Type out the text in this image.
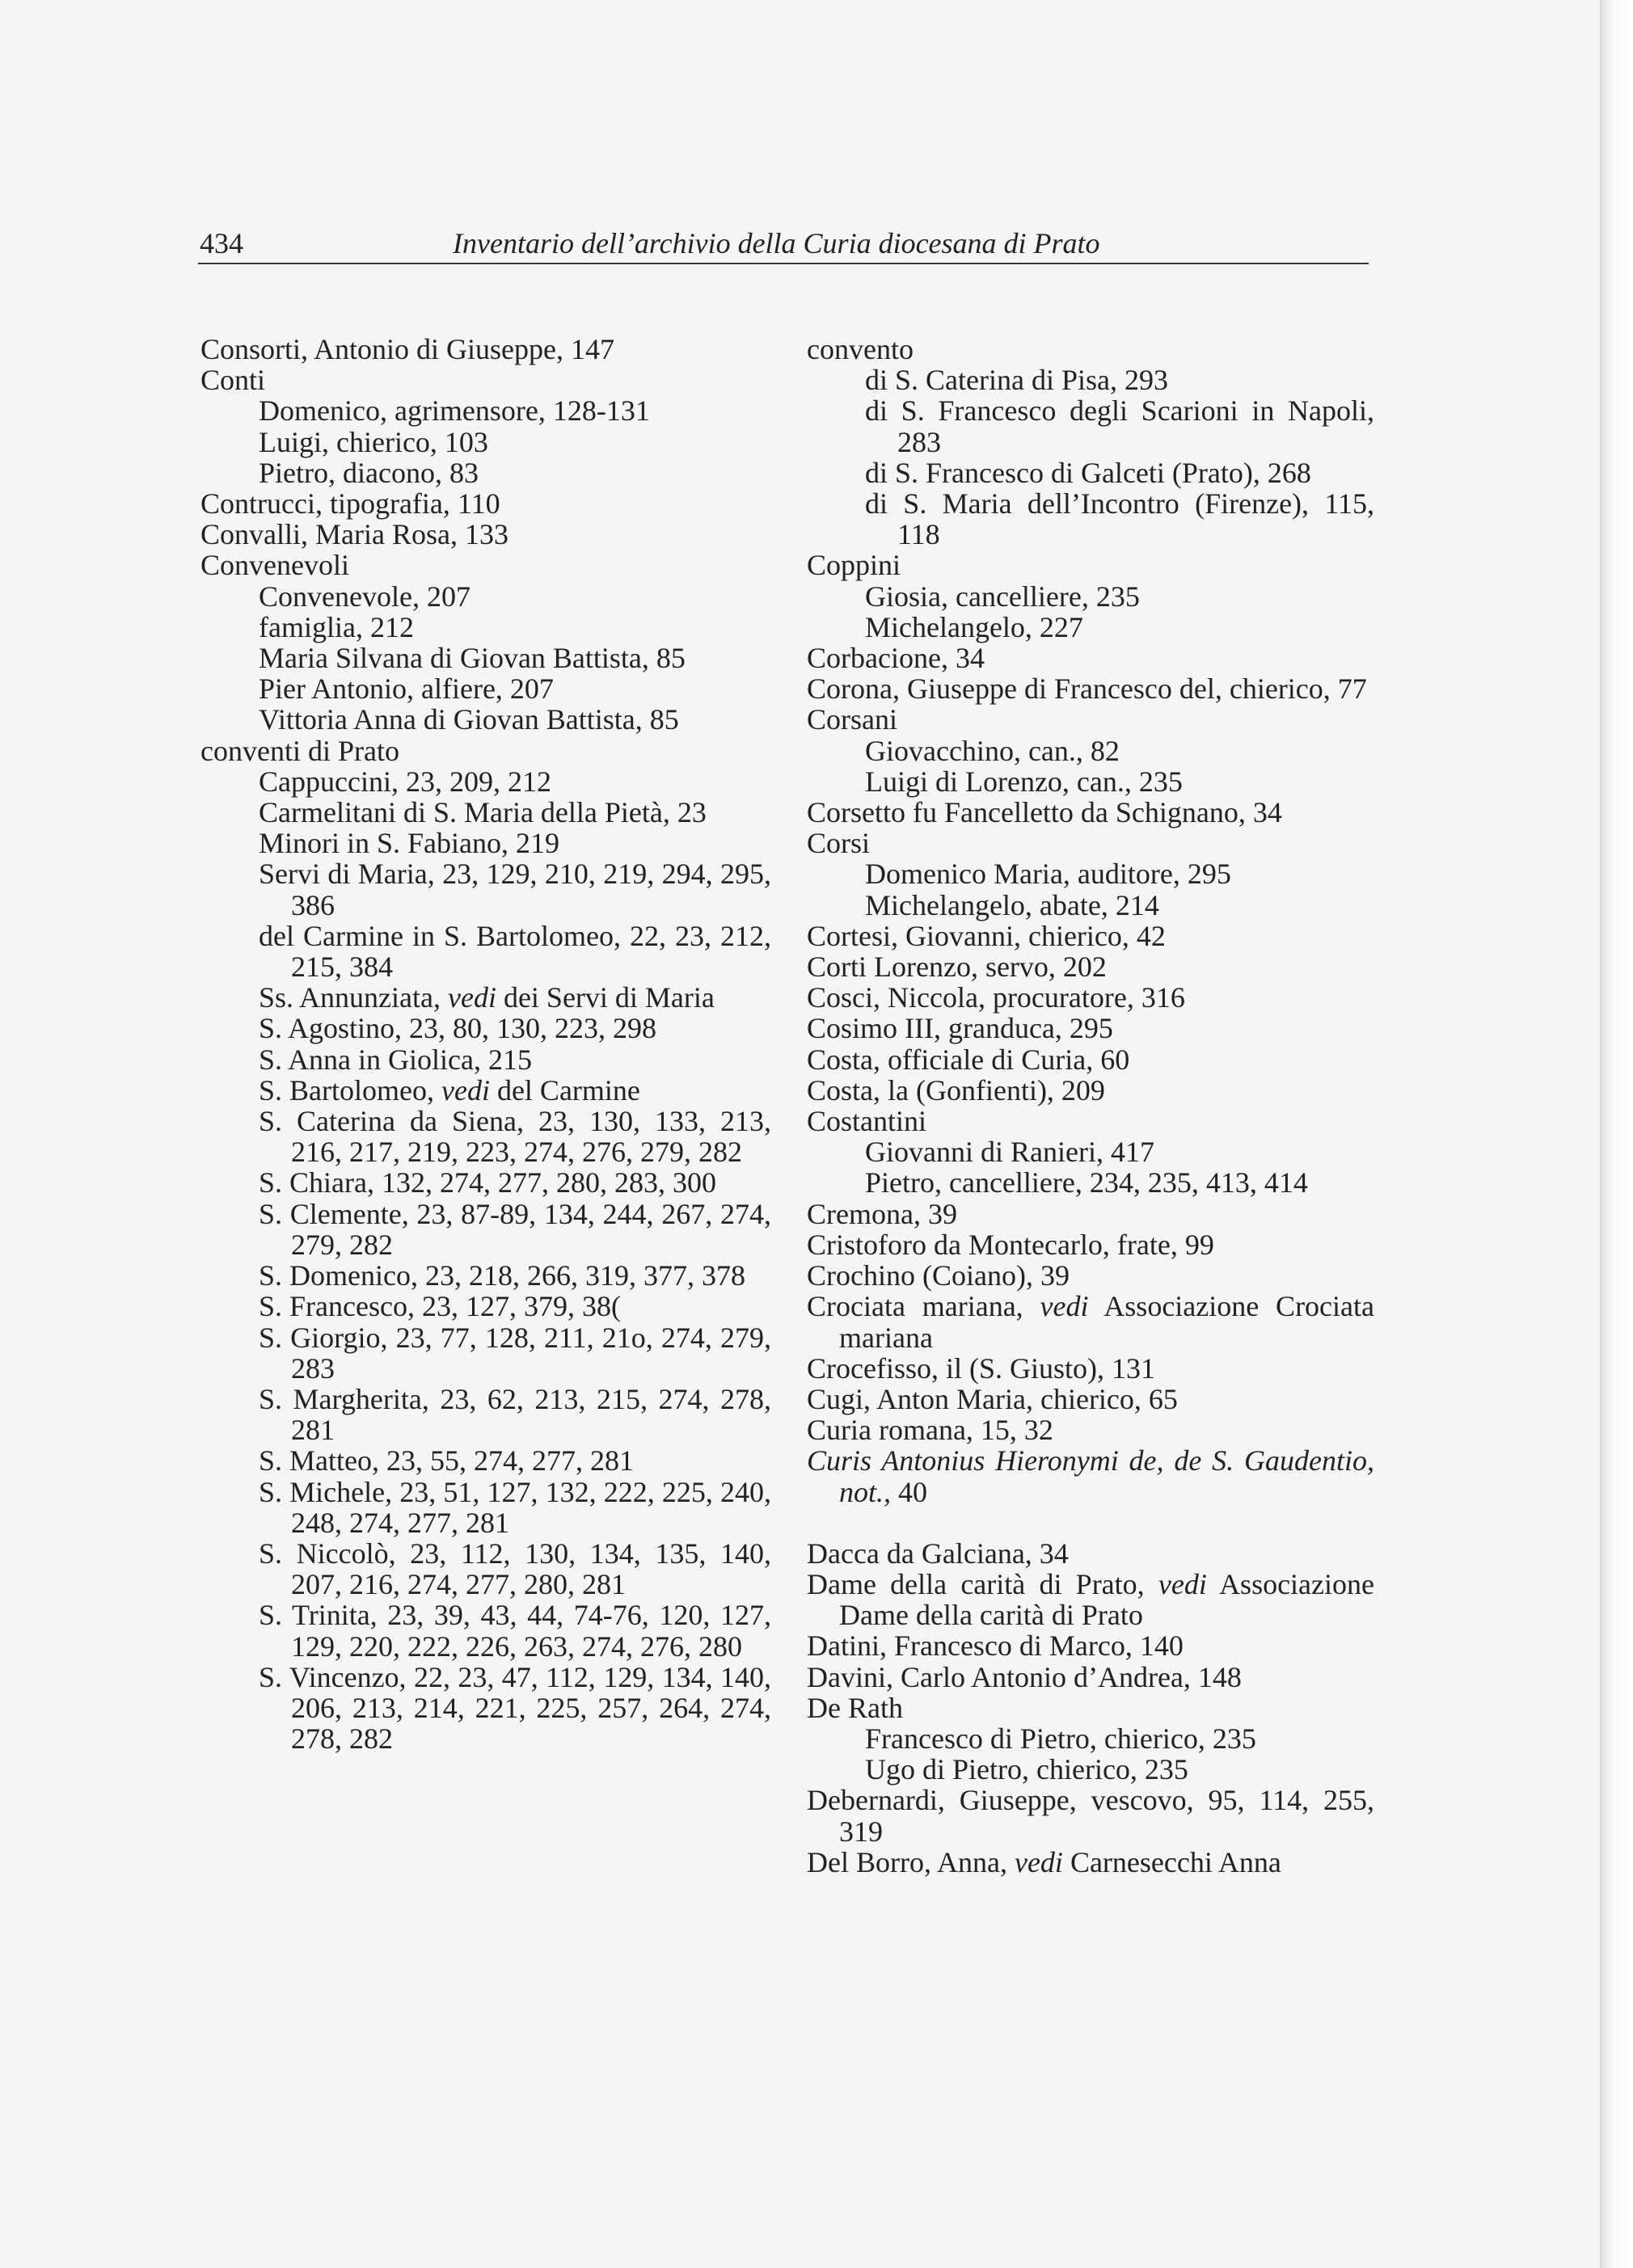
434	Inventario dell’archivio della Curia diocesana di Prato

Consorti, Antonio di Giuseppe, 147

Conti

Domenico, agrimensore, 128-131

Luigi, chierico, 103

Pietro, diacono, 83

Contrucci, tipografia, 110

Convalli, Maria Rosa, 133

Convenevoli

Convenevole, 207

famiglia, 212

Maria Silvana di Giovan Battista, 85

Pier Antonio, alfiere, 207

Vittoria Anna di Giovan Battista, 85

conventi di Prato

Cappuccini, 23, 209, 212

Carmelitani di S. Maria della Pietà, 23

Minori in S. Fabiano, 219

Servi di Maria, 23, 129, 210, 219, 294, 295, 386

del Carmine in S. Bartolomeo, 22, 23, 212, 215, 384

Ss. Annunziata, vedi dei Servi di Maria

S. Agostino, 23, 80, 130, 223, 298

S. Anna in Giolica, 215

S. Bartolomeo, vedi del Carmine

S. Caterina da Siena, 23, 130, 133, 213, 216, 217, 219, 223, 274, 276, 279, 282

S. Chiara, 132, 274, 277, 280, 283, 300

S. Clemente, 23, 87-89, 134, 244, 267, 274, 279, 282

S. Domenico, 23, 218, 266, 319, 377, 378

S. Francesco, 23, 127, 379, 38(

S. Giorgio, 23, 77, 128, 211, 21o, 274, 279, 283

S. Margherita, 23, 62, 213, 215, 274, 278, 281

S. Matteo, 23, 55, 274, 277, 281

S. Michele, 23, 51, 127, 132, 222, 225, 240, 248, 274, 277, 281

S. Niccolò, 23, 112, 130, 134, 135, 140, 207, 216, 274, 277, 280, 281

S. Trinita, 23, 39, 43, 44, 74-76, 120, 127, 129, 220, 222, 226, 263, 274, 276, 280

S. Vincenzo, 22, 23, 47, 112, 129, 134, 140, 206, 213, 214, 221, 225, 257, 264, 274, 278, 282

convento

di S. Caterina di Pisa, 293

di S. Francesco degli Scarioni in Napoli, 283

di S. Francesco di Galceti (Prato), 268

di S. Maria dell’Incontro (Firenze), 115, 118

Coppini

Giosia, cancelliere, 235

Michelangelo, 227

Corbacione, 34

Corona, Giuseppe di Francesco del, chierico, 77

Corsani

Giovacchino, can., 82

Luigi di Lorenzo, can., 235

Corsetto fu Fancelletto da Schignano, 34

Corsi

Domenico Maria, auditore, 295

Michelangelo, abate, 214

Cortesi, Giovanni, chierico, 42

Corti Lorenzo, servo, 202

Cosci, Niccola, procuratore, 316

Cosimo III, granduca, 295

Costa, officiale di Curia, 60

Costa, la (Gonfienti), 209

Costantini

Giovanni di Ranieri, 417

Pietro, cancelliere, 234, 235, 413, 414

Cremona, 39

Cristoforo da Montecarlo, frate, 99

Crochino (Coiano), 39

Crociata mariana, vedi Associazione Crociata mariana

Crocefisso, il (S. Giusto), 131

Cugi, Anton Maria, chierico, 65

Curia romana, 15, 32

Curis Antonius Hieronymi de, de S. Gaudentio, not., 40

Dacca da Galciana, 34

Dame della carità di Prato, vedi Associazione Dame della carità di Prato

Datini, Francesco di Marco, 140

Davini, Carlo Antonio d’Andrea, 148

De Rath

Francesco di Pietro, chierico, 235

Ugo di Pietro, chierico, 235

Debernardi, Giuseppe, vescovo, 95, 114, 255, 319

Del Borro, Anna, vedi Carnesecchi Anna
